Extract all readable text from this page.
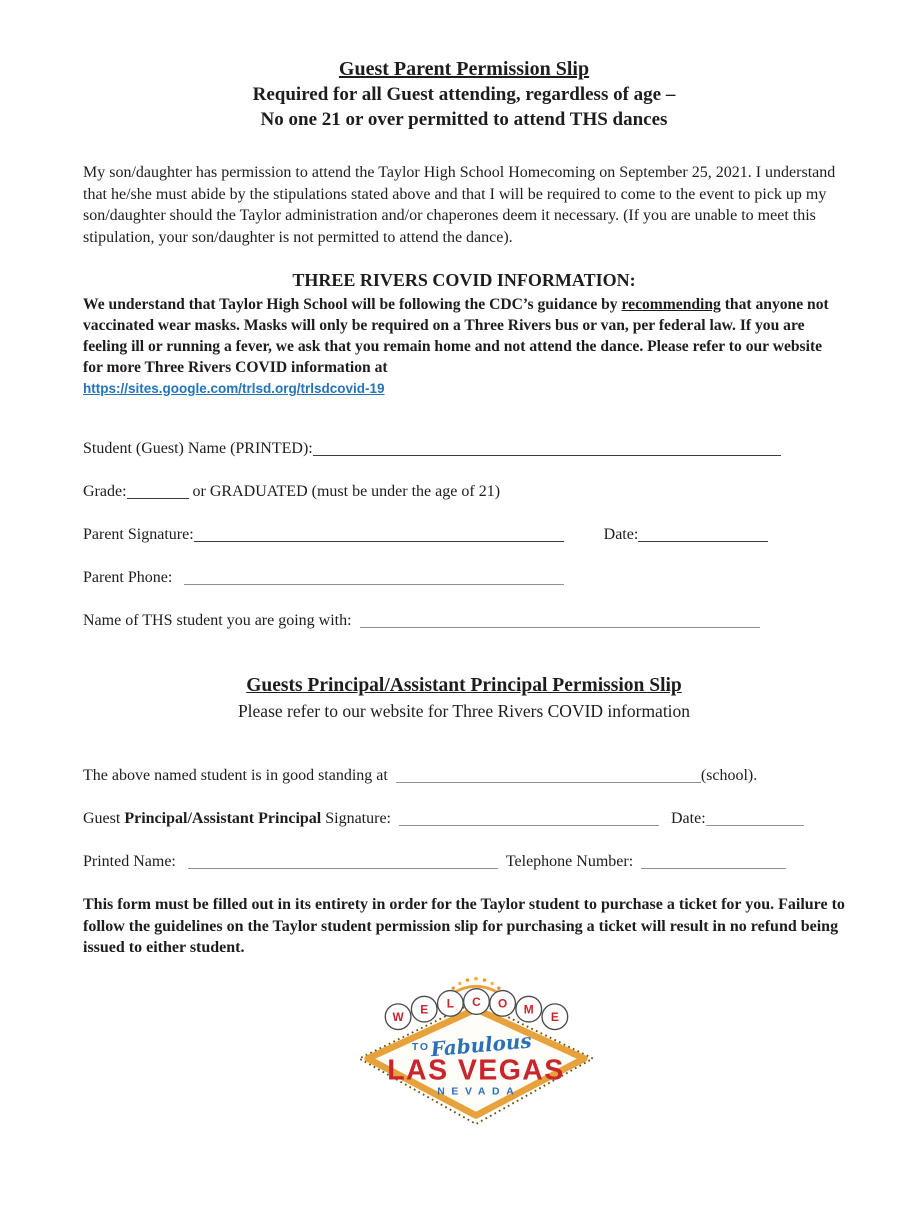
Guest Parent Permission Slip
Required for all Guest attending, regardless of age –
No one 21 or over permitted to attend THS dances

My son/daughter has permission to attend the Taylor High School Homecoming on September 25, 2021. I understand that he/she must abide by the stipulations stated above and that I will be required to come to the event to pick up my son/daughter should the Taylor administration and/or chaperones deem it necessary. (If you are unable to meet this stipulation, your son/daughter is not permitted to attend the dance).

THREE RIVERS COVID INFORMATION:

We understand that Taylor High School will be following the CDC’s guidance by recommending that anyone not vaccinated wear masks. Masks will only be required on a Three Rivers bus or van, per federal law. If you are feeling ill or running a fever, we ask that you remain home and not attend the dance. Please refer to our website for more Three Rivers COVID information at

https://sites.google.com/trlsd.org/trlsdcovid-19
Student (Guest) Name (PRINTED):
Grade:	or GRADUATED (must be under the age of 21)
Parent Signature:	Date:
Parent Phone:
Name of THS student you are going with:
Guests Principal/Assistant Principal Permission Slip
Please refer to our website for Three Rivers COVID information
The above named student is in good standing at	(school).
Guest Principal/Assistant Principal Signature:	Date:
Printed Name:	Telephone Number:

This form must be filled out in its entirety in order for the Taylor student to purchase a ticket for you. Failure to follow the guidelines on the Taylor student permission slip for purchasing a ticket will result in no refund being issued to either student.

W
E L C O M
E
TO Fabulous
LAS VEGAS
NEVADA
